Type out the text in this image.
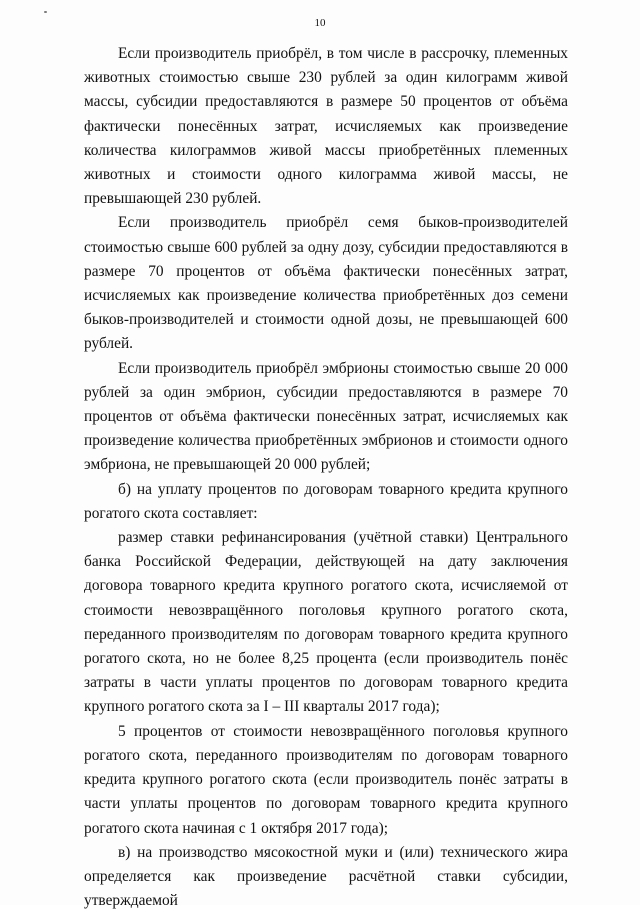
10

Если производитель приобрёл, в том числе в рассрочку, племенных животных стоимостью свыше 230 рублей за один килограмм живой массы, субсидии предоставляются в размере 50 процентов от объёма фактически понесённых затрат, исчисляемых как произведение количества килограммов живой массы приобретённых племенных животных и стоимости одного килограмма живой массы, не превышающей 230 рублей.

Если производитель приобрёл семя быков-производителей стоимостью свыше 600 рублей за одну дозу, субсидии предоставляются в размере 70 процентов от объёма фактически понесённых затрат, исчисляемых как произведение количества приобретённых доз семени быков-производителей и стоимости одной дозы, не превышающей 600 рублей.

Если производитель приобрёл эмбрионы стоимостью свыше 20 000 рублей за один эмбрион, субсидии предоставляются в размере 70 процентов от объёма фактически понесённых затрат, исчисляемых как произведение количества приобретённых эмбрионов и стоимости одного эмбриона, не превышающей 20 000 рублей;

б) на уплату процентов по договорам товарного кредита крупного рогатого скота составляет:

размер ставки рефинансирования (учётной ставки) Центрального банка Российской Федерации, действующей на дату заключения договора товарного кредита крупного рогатого скота, исчисляемой от стоимости невозвращённого поголовья крупного рогатого скота, переданного производителям по договорам товарного кредита крупного рогатого скота, но не более 8,25 процента (если производитель понёс затраты в части уплаты процентов по договорам товарного кредита крупного рогатого скота за I – III кварталы 2017 года);

5 процентов от стоимости невозвращённого поголовья крупного рогатого скота, переданного производителям по договорам товарного кредита крупного рогатого скота (если производитель понёс затраты в части уплаты процентов по договорам товарного кредита крупного рогатого скота начиная с 1 октября 2017 года);

в) на производство мясокостной муки и (или) технического жира определяется как произведение расчётной ставки субсидии, утверждаемой
